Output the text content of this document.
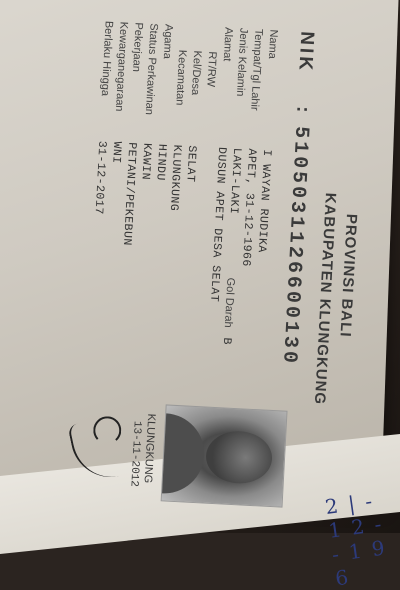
2 | - 1 2 - - 1 9 6
PROVINSI BALI
KABUPATEN KLUNGKUNG
NIK
:
5105031126600130
Nama
I WAYAN RUDIKA
Tempat/Tgl Lahir
APET, 31-12-1966
Jenis Kelamin
LAKI-LAKI
Gol Darah
B
Alamat
DUSUN APET DESA SELAT
RT/RW
Kel/Desa
SELAT
Kecamatan
KLUNGKUNG
Agama
HINDU
Status Perkawinan
KAWIN
Pekerjaan
PETANI/PEKEBUN
Kewarganegaraan
WNI
Berlaku Hingga
31-12-2017
KLUNGKUNG
13-11-2012
